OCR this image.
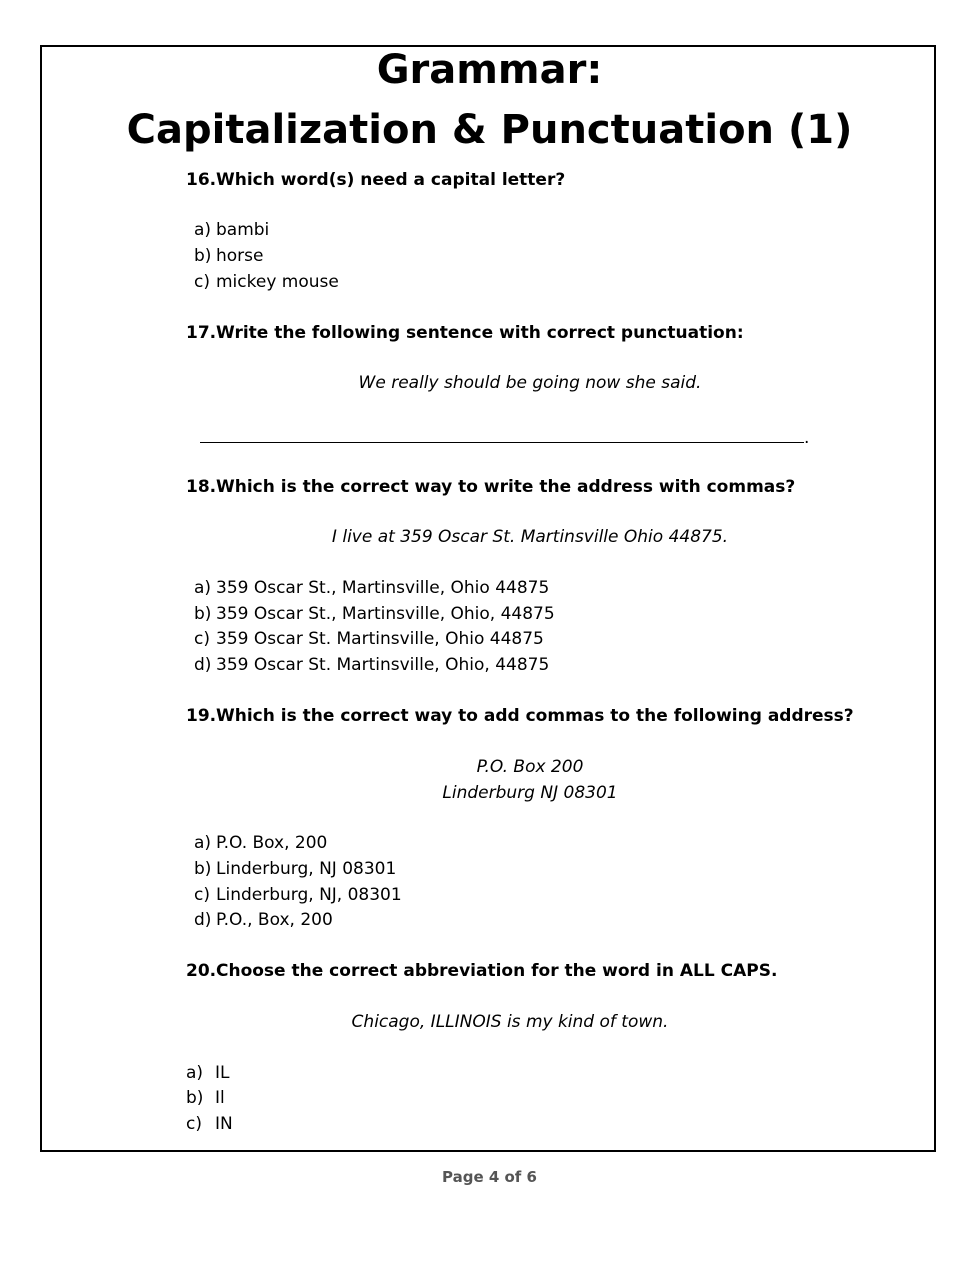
Grammar:
Capitalization & Punctuation (1)
16.Which word(s) need a capital letter?
a) bambi
b) horse
c) mickey mouse
17.Write the following sentence with correct punctuation:
We really should be going now she said.
.
18.Which is the correct way to write the address with commas?
I live at 359 Oscar St. Martinsville Ohio 44875.
a) 359 Oscar St., Martinsville, Ohio 44875
b) 359 Oscar St., Martinsville, Ohio, 44875
c) 359 Oscar St. Martinsville, Ohio 44875
d) 359 Oscar St. Martinsville, Ohio, 44875
19.Which is the correct way to add commas to the following address?
P.O. Box 200
Linderburg NJ 08301
a) P.O. Box, 200
b) Linderburg, NJ 08301
c) Linderburg, NJ, 08301
d) P.O., Box, 200
20.Choose the correct abbreviation for the word in ALL CAPS.
Chicago, ILLINOIS is my kind of town.
a) IL
b) Il
c) IN
Page 4 of 6
